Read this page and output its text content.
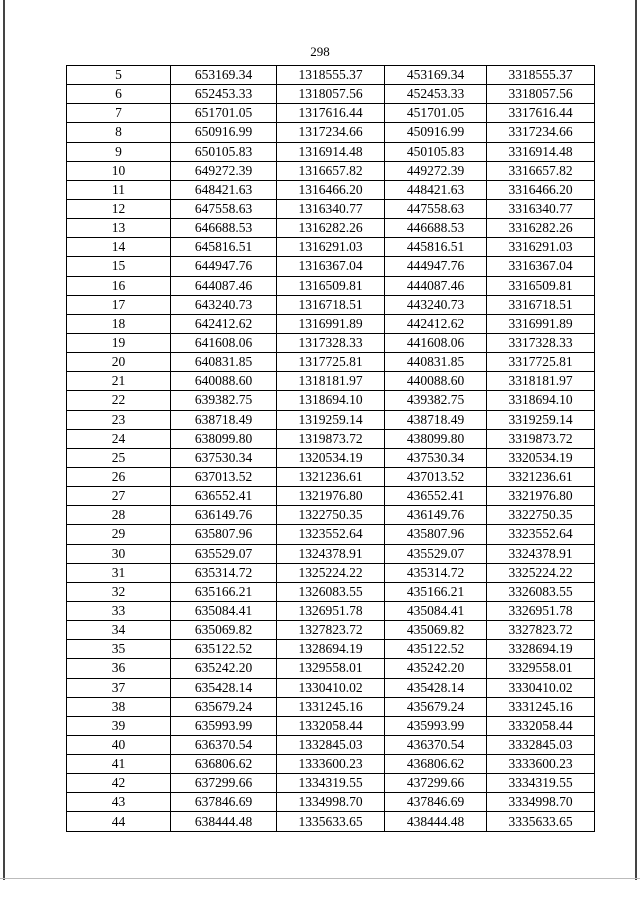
298
5	653169.34	1318555.37	453169.34	3318555.37
6	652453.33	1318057.56	452453.33	3318057.56
7	651701.05	1317616.44	451701.05	3317616.44
8	650916.99	1317234.66	450916.99	3317234.66
9	650105.83	1316914.48	450105.83	3316914.48
10	649272.39	1316657.82	449272.39	3316657.82
11	648421.63	1316466.20	448421.63	3316466.20
12	647558.63	1316340.77	447558.63	3316340.77
13	646688.53	1316282.26	446688.53	3316282.26
14	645816.51	1316291.03	445816.51	3316291.03
15	644947.76	1316367.04	444947.76	3316367.04
16	644087.46	1316509.81	444087.46	3316509.81
17	643240.73	1316718.51	443240.73	3316718.51
18	642412.62	1316991.89	442412.62	3316991.89
19	641608.06	1317328.33	441608.06	3317328.33
20	640831.85	1317725.81	440831.85	3317725.81
21	640088.60	1318181.97	440088.60	3318181.97
22	639382.75	1318694.10	439382.75	3318694.10
23	638718.49	1319259.14	438718.49	3319259.14
24	638099.80	1319873.72	438099.80	3319873.72
25	637530.34	1320534.19	437530.34	3320534.19
26	637013.52	1321236.61	437013.52	3321236.61
27	636552.41	1321976.80	436552.41	3321976.80
28	636149.76	1322750.35	436149.76	3322750.35
29	635807.96	1323552.64	435807.96	3323552.64
30	635529.07	1324378.91	435529.07	3324378.91
31	635314.72	1325224.22	435314.72	3325224.22
32	635166.21	1326083.55	435166.21	3326083.55
33	635084.41	1326951.78	435084.41	3326951.78
34	635069.82	1327823.72	435069.82	3327823.72
35	635122.52	1328694.19	435122.52	3328694.19
36	635242.20	1329558.01	435242.20	3329558.01
37	635428.14	1330410.02	435428.14	3330410.02
38	635679.24	1331245.16	435679.24	3331245.16
39	635993.99	1332058.44	435993.99	3332058.44
40	636370.54	1332845.03	436370.54	3332845.03
41	636806.62	1333600.23	436806.62	3333600.23
42	637299.66	1334319.55	437299.66	3334319.55
43	637846.69	1334998.70	437846.69	3334998.70
44	638444.48	1335633.65	438444.48	3335633.65
